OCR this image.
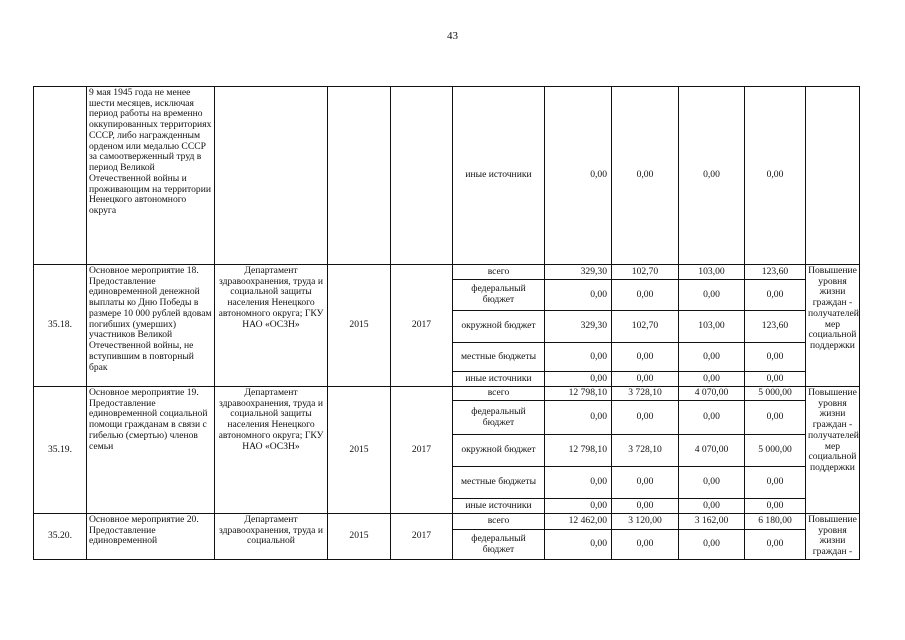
43
	9 мая 1945 года не менее шести месяцев, исключая период работы на временно оккупированных территориях СССР, либо награжденным орденом или медалью СССР за самоотверженный труд в период Великой Отечественной войны и проживающим на территории Ненецкого автономного округа				иные источники	0,00	0,00	0,00	0,00	
35.18.	Основное мероприятие 18. Предоставление единовременной денежной выплаты ко Дню Победы в размере 10 000 рублей вдовам погибших (умерших) участников Великой Отечественной войны, не вступившим в повторный брак	Департамент здравоохранения, труда и социальной защиты населения Ненецкого автономного округа; ГКУ НАО «ОСЗН»	2015	2017	всего	329,30	102,70	103,00	123,60	Повышение уровня жизни граждан - получателей мер социальной поддержки
					федеральный бюджет	0,00	0,00	0,00	0,00	
					окружной бюджет	329,30	102,70	103,00	123,60	
					местные бюджеты	0,00	0,00	0,00	0,00	
					иные источники	0,00	0,00	0,00	0,00	
35.19.	Основное мероприятие 19. Предоставление единовременной социальной помощи гражданам в связи с гибелью (смертью) членов семьи	Департамент здравоохранения, труда и социальной защиты населения Ненецкого автономного округа; ГКУ НАО «ОСЗН»	2015	2017	всего	12 798,10	3 728,10	4 070,00	5 000,00	Повышение уровня жизни граждан - получателей мер социальной поддержки
					федеральный бюджет	0,00	0,00	0,00	0,00	
					окружной бюджет	12 798,10	3 728,10	4 070,00	5 000,00	
					местные бюджеты	0,00	0,00	0,00	0,00	
					иные источники	0,00	0,00	0,00	0,00	
35.20.	Основное мероприятие 20. Предоставление единовременной	Департамент здравоохранения, труда и социальной	2015	2017	всего	12 462,00	3 120,00	3 162,00	6 180,00	Повышение уровня жизни граждан -
					федеральный бюджет	0,00	0,00	0,00	0,00	
